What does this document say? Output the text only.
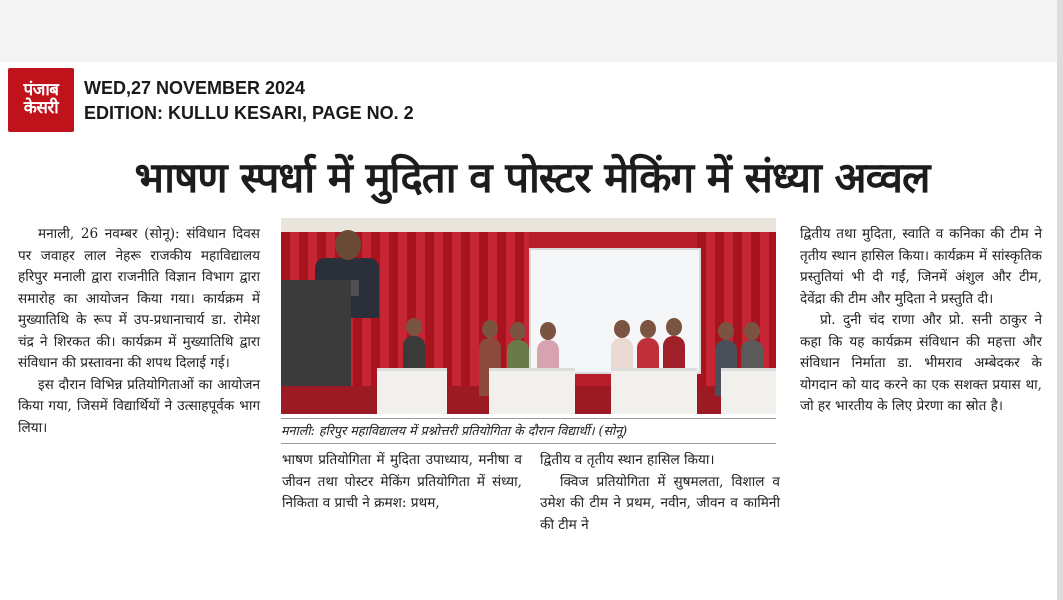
पंजाब
केसरी
WED,27 NOVEMBER 2024
EDITION: KULLU KESARI, PAGE NO. 2
भाषण स्पर्धा में मुदिता व पोस्टर मेकिंग में संध्या अव्वल

मनाली, 26 नवम्बर (सोनू): संविधान दिवस पर जवाहर लाल नेहरू राजकीय महाविद्यालय हरिपुर मनाली द्वारा राजनीति विज्ञान विभाग द्वारा समारोह का आयोजन किया गया। कार्यक्रम में मुख्यातिथि के रूप में उप-प्रधानाचार्य डा. रोमेश चंद्र ने शिरकत की। कार्यक्रम में मुख्यातिथि द्वारा संविधान की प्रस्तावना की शपथ दिलाई गई।

इस दौरान विभिन्न प्रतियोगिताओं का आयोजन किया गया, जिसमें विद्यार्थियों ने उत्साहपूर्वक भाग लिया।	मनाली: हरिपुर महाविद्यालय में प्रश्नोत्तरी प्रतियोगिता के दौरान विद्यार्थी। (सोनू)

भाषण प्रतियोगिता में मुदिता उपाध्याय, मनीषा व जीवन तथा पोस्टर मेकिंग प्रतियोगिता में संध्या, निकिता व प्राची ने क्रमश: प्रथम,

द्वितीय व तृतीय स्थान हासिल किया।

क्विज प्रतियोगिता में सुषमलता, विशाल व उमेश की टीम ने प्रथम, नवीन, जीवन व कामिनी की टीम ने

द्वितीय तथा मुदिता, स्वाति व कनिका की टीम ने तृतीय स्थान हासिल किया। कार्यक्रम में सांस्कृतिक प्रस्तुतियां भी दी गईं, जिनमें अंशुल और टीम, देवेंद्रा की टीम और मुदिता ने प्रस्तुति दी।

प्रो. दुनी चंद राणा और प्रो. सनी ठाकुर ने कहा कि यह कार्यक्रम संविधान की महत्ता और संविधान निर्माता डा. भीमराव अम्बेदकर के योगदान को याद करने का एक सशक्त प्रयास था, जो हर भारतीय के लिए प्रेरणा का स्रोत है।
